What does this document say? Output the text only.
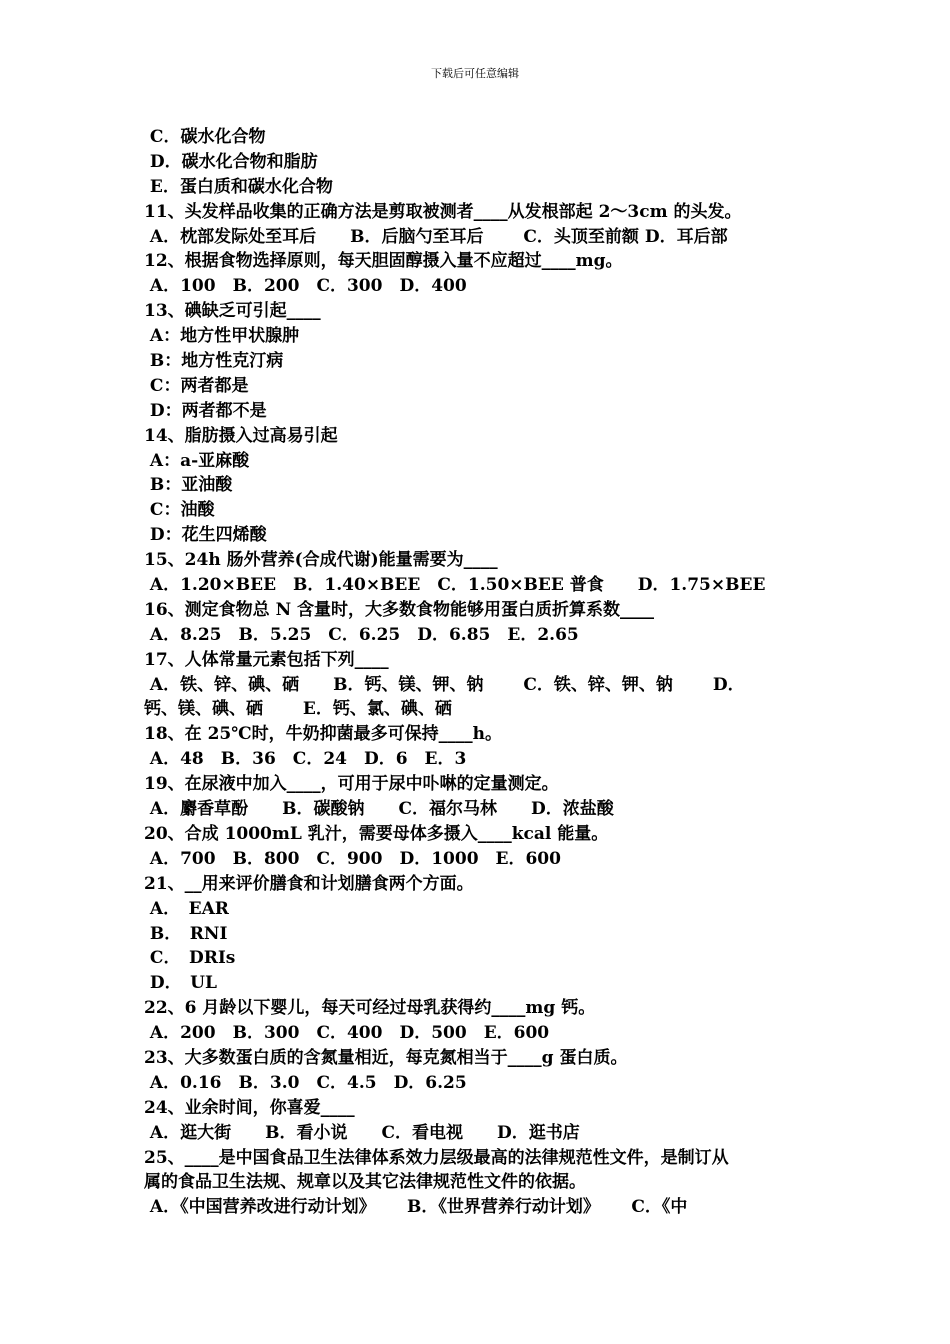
下载后可任意编辑
C．碳水化合物
D．碳水化合物和脂肪
E．蛋白质和碳水化合物
11、头发样品收集的正确方法是剪取被测者____从发根部起 2～3cm 的头发。
A．枕部发际处至耳后　　B．后脑勺至耳后　　 C．头顶至前额 D．耳后部
12、根据食物选择原则，每天胆固醇摄入量不应超过____mg。
A．100　B．200　C．300　D．400
13、碘缺乏可引起____
A：地方性甲状腺肿
B：地方性克汀病
C：两者都是
D：两者都不是
14、脂肪摄入过高易引起
A：a-亚麻酸
B：亚油酸
C：油酸
D：花生四烯酸
15、24h 肠外营养(合成代谢)能量需要为____
A．1.20×BEE　B．1.40×BEE　C．1.50×BEE 普食　　D．1.75×BEE
16、测定食物总 N 含量时，大多数食物能够用蛋白质折算系数____
A．8.25　B．5.25　C．6.25　D．6.85　E．2.65
17、人体常量元素包括下列____
A．铁、锌、碘、硒　　B．钙、镁、钾、钠　　 C．铁、锌、钾、钠　　 D．
钙、镁、碘、硒　　 E．钙、氯、碘、硒
18、在 25℃时，牛奶抑菌最多可保持____h。
A．48　B．36　C．24　D．6　E．3
19、在尿液中加入____，可用于尿中卟啉的定量测定。
A．麝香草酚　　B．碳酸钠　　C．福尔马林　　D．浓盐酸
20、合成 1000mL 乳汁，需要母体多摄入____kcal 能量。
A．700　B．800　C．900　D．1000　E．600
21、__用来评价膳食和计划膳食两个方面。
A．　EAR
B．　RNI
C．　DRIs
D．　UL
22、6 月龄以下婴儿，每天可经过母乳获得约____mg 钙。
A．200　B．300　C．400　D．500　E．600
23、大多数蛋白质的含氮量相近，每克氮相当于____g 蛋白质。
A．0.16　B．3.0　C．4.5　D．6.25
24、业余时间，你喜爱____
A．逛大街　　B．看小说　　C．看电视　　D．逛书店
25、____是中国食品卫生法律体系效力层级最高的法律规范性文件，是制订从
属的食品卫生法规、规章以及其它法律规范性文件的依据。
A．《中国营养改进行动计划》　　 B．《世界营养行动计划》　　 C．《中
